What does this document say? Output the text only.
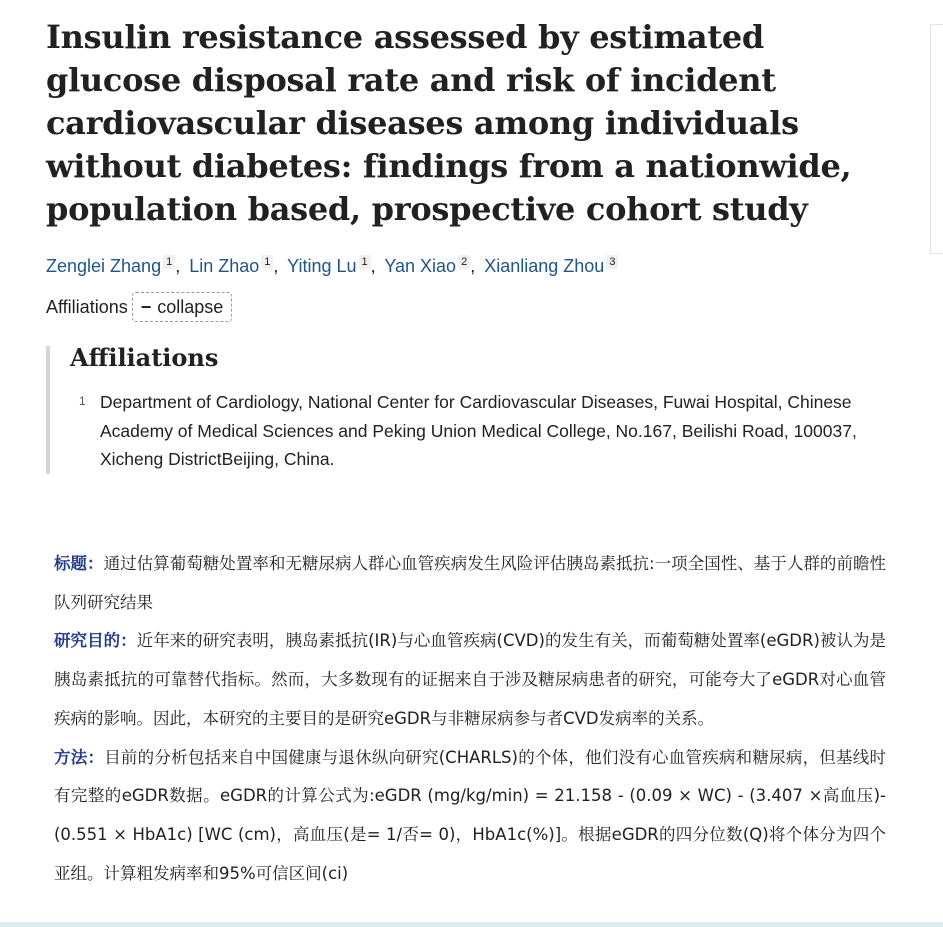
Insulin resistance assessed by estimated glucose disposal rate and risk of incident cardiovascular diseases among individuals without diabetes: findings from a nationwide, population based, prospective cohort study
Zenglei Zhang $^1$ , Lin Zhao $^1$ , Yiting Lu $^1$ , Yan Xiao $^2$ , Xianliang Zhou $^3$
Affiliations − collapse
Affiliations
1 Department of Cardiology, National Center for Cardiovascular Diseases, Fuwai Hospital, Chinese Academy of Medical Sciences and Peking Union Medical College, No.167, Beilishi Road, 100037, Xicheng DistrictBeijing, China.

标题：通过估算葡萄糖处置率和无糖尿病人群心血管疾病发生风险评估胰岛素抵抗:一项全国性、基于人群的前瞻性队列研究结果

研究目的：近年来的研究表明，胰岛素抵抗(IR)与心血管疾病(CVD)的发生有关，而葡萄糖处置率(eGDR)被认为是胰岛素抵抗的可靠替代指标。然而，大多数现有的证据来自于涉及糖尿病患者的研究，可能夸大了eGDR对心血管疾病的影响。因此，本研究的主要目的是研究eGDR与非糖尿病参与者CVD发病率的关系。

方法：目前的分析包括来自中国健康与退休纵向研究(CHARLS)的个体，他们没有心血管疾病和糖尿病，但基线时有完整的eGDR数据。eGDR的计算公式为:eGDR (mg/kg/min) = 21.158 - (0.09 × WC) - (3.407 ×高血压)- (0.551 × HbA1c) [WC (cm)，高血压(是= 1/否= 0)，HbA1c(%)]。根据eGDR的四分位数(Q)将个体分为四个亚组。计算粗发病率和95%可信区间(ci)
